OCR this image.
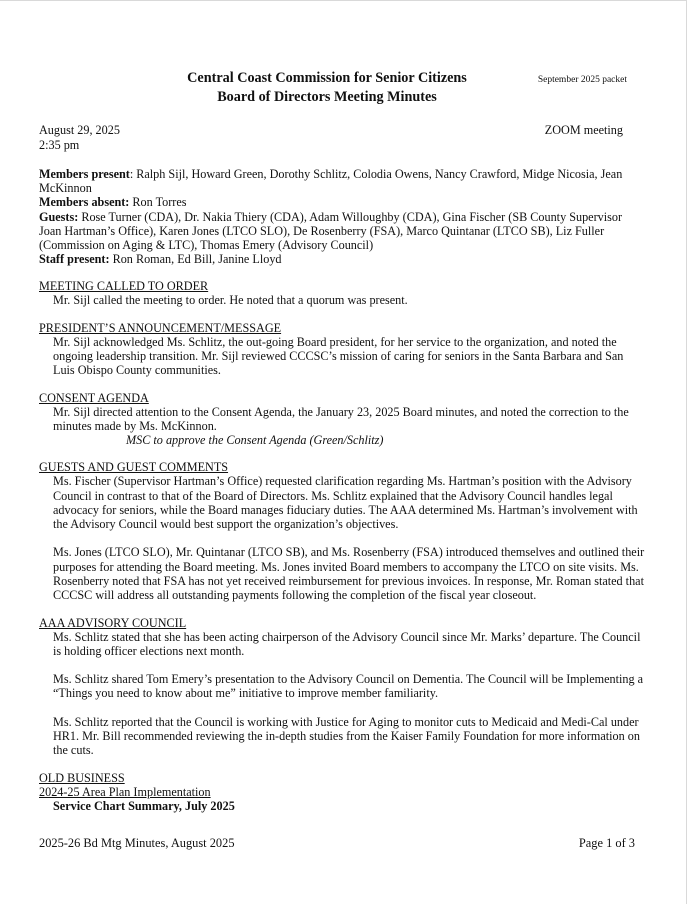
Central Coast Commission for Senior Citizens
Board of Directors Meeting Minutes
September 2025 packet
August 29, 2025	ZOOM meeting
2:35 pm
Members present: Ralph Sijl, Howard Green, Dorothy Schlitz, Colodia Owens, Nancy Crawford, Midge Nicosia, Jean McKinnon
Members absent: Ron Torres
Guests: Rose Turner (CDA), Dr. Nakia Thiery (CDA), Adam Willoughby (CDA), Gina Fischer (SB County Supervisor Joan Hartman’s Office), Karen Jones (LTCO SLO), De Rosenberry (FSA), Marco Quintanar (LTCO SB), Liz Fuller (Commission on Aging & LTC), Thomas Emery (Advisory Council)
Staff present: Ron Roman, Ed Bill, Janine Lloyd
MEETING CALLED TO ORDER
Mr. Sijl called the meeting to order. He noted that a quorum was present.
PRESIDENT’S ANNOUNCEMENT/MESSAGE
Mr. Sijl acknowledged Ms. Schlitz, the out-going Board president, for her service to the organization, and noted the ongoing leadership transition. Mr. Sijl reviewed CCCSC’s mission of caring for seniors in the Santa Barbara and San Luis Obispo County communities.
CONSENT AGENDA
Mr. Sijl directed attention to the Consent Agenda, the January 23, 2025 Board minutes, and noted the correction to the minutes made by Ms. McKinnon.
MSC to approve the Consent Agenda (Green/Schlitz)
GUESTS AND GUEST COMMENTS
Ms. Fischer (Supervisor Hartman’s Office) requested clarification regarding Ms. Hartman’s position with the Advisory Council in contrast to that of the Board of Directors. Ms. Schlitz explained that the Advisory Council handles legal advocacy for seniors, while the Board manages fiduciary duties. The AAA determined Ms. Hartman’s involvement with the Advisory Council would best support the organization’s objectives.
Ms. Jones (LTCO SLO), Mr. Quintanar (LTCO SB), and Ms. Rosenberry (FSA) introduced themselves and outlined their purposes for attending the Board meeting. Ms. Jones invited Board members to accompany the LTCO on site visits. Ms. Rosenberry noted that FSA has not yet received reimbursement for previous invoices. In response, Mr. Roman stated that CCCSC will address all outstanding payments following the completion of the fiscal year closeout.
AAA ADVISORY COUNCIL
Ms. Schlitz stated that she has been acting chairperson of the Advisory Council since Mr. Marks’ departure. The Council is holding officer elections next month.
Ms. Schlitz shared Tom Emery’s presentation to the Advisory Council on Dementia. The Council will be Implementing a “Things you need to know about me” initiative to improve member familiarity.
Ms. Schlitz reported that the Council is working with Justice for Aging to monitor cuts to Medicaid and Medi-Cal under HR1. Mr. Bill recommended reviewing the in-depth studies from the Kaiser Family Foundation for more information on the cuts.
OLD BUSINESS
2024-25 Area Plan Implementation
Service Chart Summary, July 2025
2025-26 Bd Mtg Minutes, August 2025	Page 1 of 3
